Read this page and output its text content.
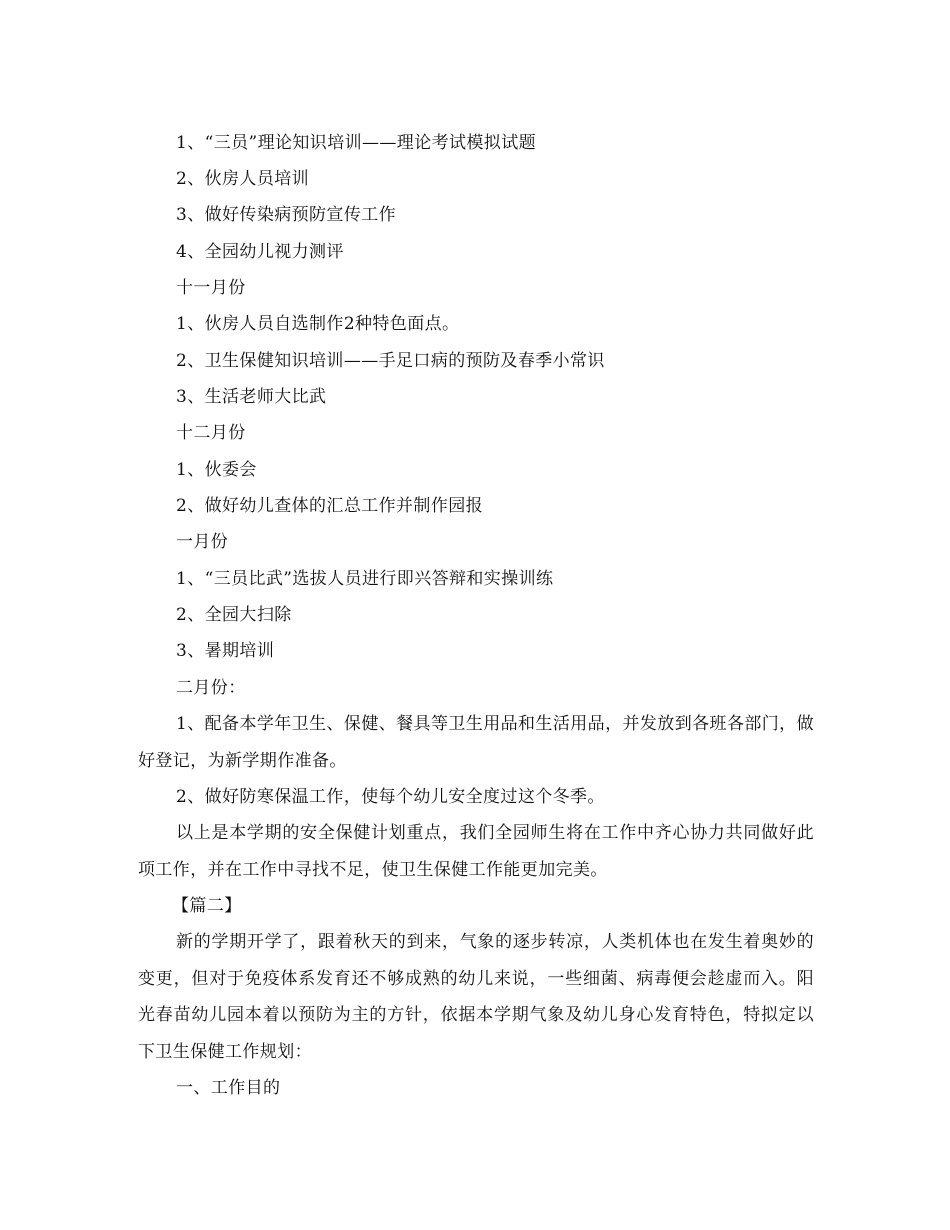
1、“三员”理论知识培训——理论考试模拟试题
2、伙房人员培训
3、做好传染病预防宣传工作
4、全园幼儿视力测评
十一月份
1、伙房人员自选制作2种特色面点。
2、卫生保健知识培训——手足口病的预防及春季小常识
3、生活老师大比武
十二月份
1、伙委会
2、做好幼儿查体的汇总工作并制作园报
一月份
1、“三员比武”选拔人员进行即兴答辩和实操训练
2、全园大扫除
3、暑期培训
二月份：
1、配备本学年卫生、保健、餐具等卫生用品和生活用品，并发放到各班各部门，做好登记，为新学期作准备。
2、做好防寒保温工作，使每个幼儿安全度过这个冬季。
以上是本学期的安全保健计划重点，我们全园师生将在工作中齐心协力共同做好此项工作，并在工作中寻找不足，使卫生保健工作能更加完美。
【篇二】
新的学期开学了，跟着秋天的到来，气象的逐步转凉，人类机体也在发生着奥妙的变更，但对于免疫体系发育还不够成熟的幼儿来说，一些细菌、病毒便会趁虚而入。阳光春苗幼儿园本着以预防为主的方针，依据本学期气象及幼儿身心发育特色，特拟定以下卫生保健工作规划：
一、工作目的
